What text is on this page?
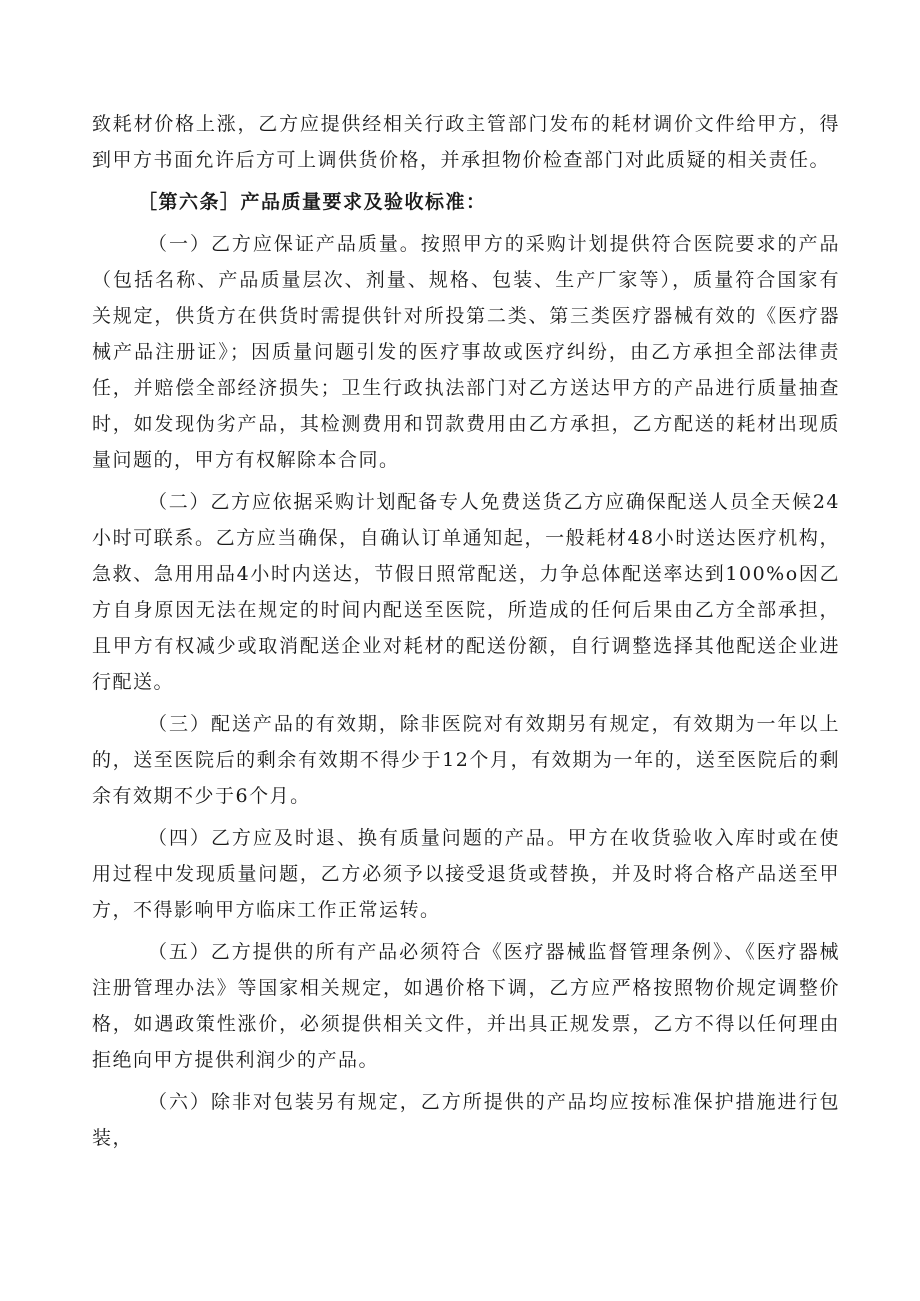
致耗材价格上涨，乙方应提供经相关行政主管部门发布的耗材调价文件给甲方，得到甲方书面允许后方可上调供货价格，并承担物价检查部门对此质疑的相关责任。

［第六条］产品质量要求及验收标准：

（一）乙方应保证产品质量。按照甲方的采购计划提供符合医院要求的产品（包括名称、产品质量层次、剂量、规格、包装、生产厂家等），质量符合国家有关规定，供货方在供货时需提供针对所投第二类、第三类医疗器械有效的《医疗器械产品注册证》；因质量问题引发的医疗事故或医疗纠纷，由乙方承担全部法律责任，并赔偿全部经济损失；卫生行政执法部门对乙方送达甲方的产品进行质量抽查时，如发现伪劣产品，其检测费用和罚款费用由乙方承担，乙方配送的耗材出现质量问题的，甲方有权解除本合同。

（二）乙方应依据采购计划配备专人免费送货乙方应确保配送人员全天候24小时可联系。乙方应当确保，自确认订单通知起，一般耗材48小时送达医疗机构，急救、急用用品4小时内送达，节假日照常配送，力争总体配送率达到100%o因乙方自身原因无法在规定的时间内配送至医院，所造成的任何后果由乙方全部承担，且甲方有权减少或取消配送企业对耗材的配送份额，自行调整选择其他配送企业进行配送。

（三）配送产品的有效期，除非医院对有效期另有规定，有效期为一年以上的，送至医院后的剩余有效期不得少于12个月，有效期为一年的，送至医院后的剩余有效期不少于6个月。

（四）乙方应及时退、换有质量问题的产品。甲方在收货验收入库时或在使用过程中发现质量问题，乙方必须予以接受退货或替换，并及时将合格产品送至甲方，不得影响甲方临床工作正常运转。

（五）乙方提供的所有产品必须符合《医疗器械监督管理条例》、《医疗器械注册管理办法》等国家相关规定，如遇价格下调，乙方应严格按照物价规定调整价格，如遇政策性涨价，必须提供相关文件，并出具正规发票，乙方不得以任何理由拒绝向甲方提供利润少的产品。

（六）除非对包装另有规定，乙方所提供的产品均应按标准保护措施进行包装，
